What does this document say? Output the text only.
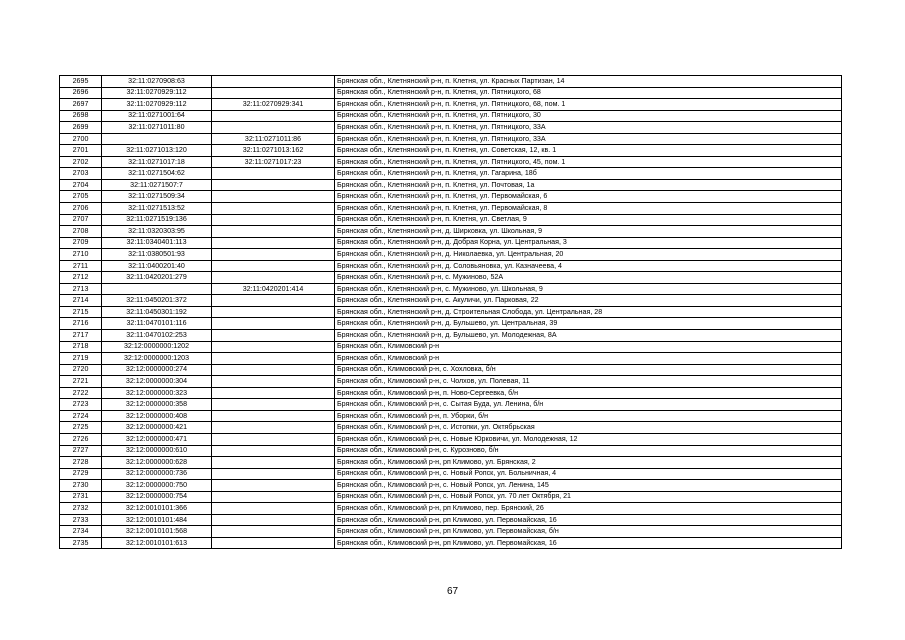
2695	32:11:0270908:63		Брянская обл., Клетнянский р-н, п. Клетня, ул. Красных Партизан, 14
2696	32:11:0270929:112		Брянская обл., Клетнянский р-н, п. Клетня, ул. Пятницкого, 68
2697	32:11:0270929:112	32:11:0270929:341	Брянская обл., Клетнянский р-н, п. Клетня, ул. Пятницкого, 68, пом. 1
2698	32:11:0271001:64		Брянская обл., Клетнянский р-н, п. Клетня, ул. Пятницкого, 30
2699	32:11:0271011:80		Брянская обл., Клетнянский р-н, п. Клетня, ул. Пятницкого, 33А
2700		32:11:0271011:86	Брянская обл., Клетнянский р-н, п. Клетня, ул. Пятницкого, 33А
2701	32:11:0271013:120	32:11:0271013:162	Брянская обл., Клетнянский р-н, п. Клетня, ул. Советская, 12, кв. 1
2702	32:11:0271017:18	32:11:0271017:23	Брянская обл., Клетнянский р-н, п. Клетня, ул. Пятницкого, 45, пом. 1
2703	32:11:0271504:62		Брянская обл., Клетнянский р-н, п. Клетня, ул. Гагарина, 18б
2704	32:11:0271507:7		Брянская обл., Клетнянский р-н, п. Клетня, ул. Почтовая, 1а
2705	32:11:0271509:34		Брянская обл., Клетнянский р-н, п. Клетня, ул. Первомайская, 6
2706	32:11:0271513:52		Брянская обл., Клетнянский р-н, п. Клетня, ул. Первомайская, 8
2707	32:11:0271519:136		Брянская обл., Клетнянский р-н, п. Клетня, ул. Светлая, 9
2708	32:11:0320303:95		Брянская обл., Клетнянский р-н, д. Ширковка, ул. Школьная, 9
2709	32:11:0340401:113		Брянская обл., Клетнянский р-н, д. Добрая Корна, ул. Центральная, 3
2710	32:11:0380501:93		Брянская обл., Клетнянский р-н, д. Николаевка, ул. Центральная, 20
2711	32:11:0400201:40		Брянская обл., Клетнянский р-н, д. Соловьяновка, ул. Казначеева, 4
2712	32:11:0420201:279		Брянская обл., Клетнянский р-н, с. Мужиново, 52А
2713		32:11:0420201:414	Брянская обл., Клетнянский р-н, с. Мужиново, ул. Школьная, 9
2714	32:11:0450201:372		Брянская обл., Клетнянский р-н, с. Акуличи, ул. Парковая, 22
2715	32:11:0450301:192		Брянская обл., Клетнянский р-н, д. Строительная Слобода, ул. Центральная, 28
2716	32:11:0470101:116		Брянская обл., Клетнянский р-н, д. Бульшево, ул. Центральная, 39
2717	32:11:0470102:253		Брянская обл., Клетнянский р-н, д. Бульшево, ул. Молодежная, 8А
2718	32:12:0000000:1202		Брянская обл., Климовский р-н
2719	32:12:0000000:1203		Брянская обл., Климовский р-н
2720	32:12:0000000:274		Брянская обл., Климовский р-н, с. Хохловка, б/н
2721	32:12:0000000:304		Брянская обл., Климовский р-н, с. Чолхов, ул. Полевая, 11
2722	32:12:0000000:323		Брянская обл., Климовский р-н, п. Ново-Сергеевка, б/н
2723	32:12:0000000:358		Брянская обл., Климовский р-н, с. Сытая Буда, ул. Ленина, б/н
2724	32:12:0000000:408		Брянская обл., Климовский р-н, п. Уборки, б/н
2725	32:12:0000000:421		Брянская обл., Климовский р-н, с. Истопки, ул. Октябрьская
2726	32:12:0000000:471		Брянская обл., Климовский р-н, с. Новые Юрковичи, ул. Молодежная, 12
2727	32:12:0000000:610		Брянская обл., Климовский р-н, с. Курозново, б/н
2728	32:12:0000000:628		Брянская обл., Климовский р-н, рп Климово, ул. Брянская, 2
2729	32:12:0000000:736		Брянская обл., Климовский р-н, с. Новый Ропск, ул. Больничная, 4
2730	32:12:0000000:750		Брянская обл., Климовский р-н, с. Новый Ропск, ул. Ленина, 145
2731	32:12:0000000:754		Брянская обл., Климовский р-н, с. Новый Ропск, ул. 70 лет Октября, 21
2732	32:12:0010101:366		Брянская обл., Климовский р-н, рп Климово, пер. Брянский, 26
2733	32:12:0010101:484		Брянская обл., Климовский р-н, рп Климово, ул. Первомайская, 16
2734	32:12:0010101:568		Брянская обл., Климовский р-н, рп Климово, ул. Первомайская, б/н
2735	32:12:0010101:613		Брянская обл., Климовский р-н, рп Климово, ул. Первомайская, 16
67
